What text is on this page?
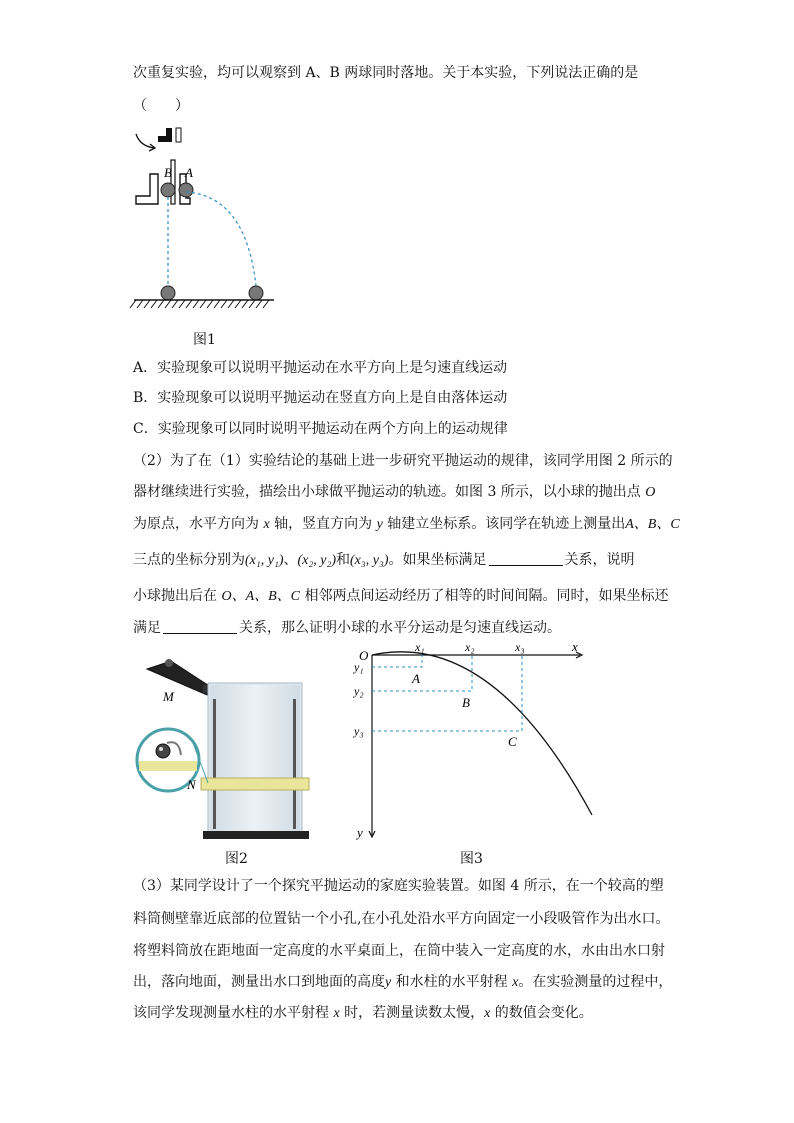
次重复实验，均可以观察到 A、B 两球同时落地。关于本实验，下列说法正确的是
（　　）
B A
图1
A．实验现象可以说明平抛运动在水平方向上是匀速直线运动
B．实验现象可以说明平抛运动在竖直方向上是自由落体运动
C．实验现象可以同时说明平抛运动在两个方向上的运动规律
（2）为了在（1）实验结论的基础上进一步研究平抛运动的规律，该同学用图 2 所示的
器材继续进行实验，描绘出小球做平抛运动的轨迹。如图 3 所示，以小球的抛出点 O
为原点，水平方向为 x 轴，竖直方向为 y 轴建立坐标系。该同学在轨迹上测量出A、B、C
三点的坐标分别为(x₁, y₁)、(x₂, y₂)和(x₃, y₃)。如果坐标满足	关系，说明
小球抛出后在 O、A、B、C 相邻两点间运动经历了相等的时间间隔。同时，如果坐标还
满足	关系，那么证明小球的水平分运动是匀速直线运动。
M
N
图2
O
x
y
x₁	x₂	x₃
y₁
y₂
y₃
A
B
C
图3
（3）某同学设计了一个探究平抛运动的家庭实验装置。如图 4 所示，在一个较高的塑
料筒侧壁靠近底部的位置钻一个小孔,在小孔处沿水平方向固定一小段吸管作为出水口。
将塑料筒放在距地面一定高度的水平桌面上，在筒中装入一定高度的水，水由出水口射
出，落向地面，测量出水口到地面的高度y 和水柱的水平射程 x。在实验测量的过程中，
该同学发现测量水柱的水平射程 x 时，若测量读数太慢，x 的数值会变化。
